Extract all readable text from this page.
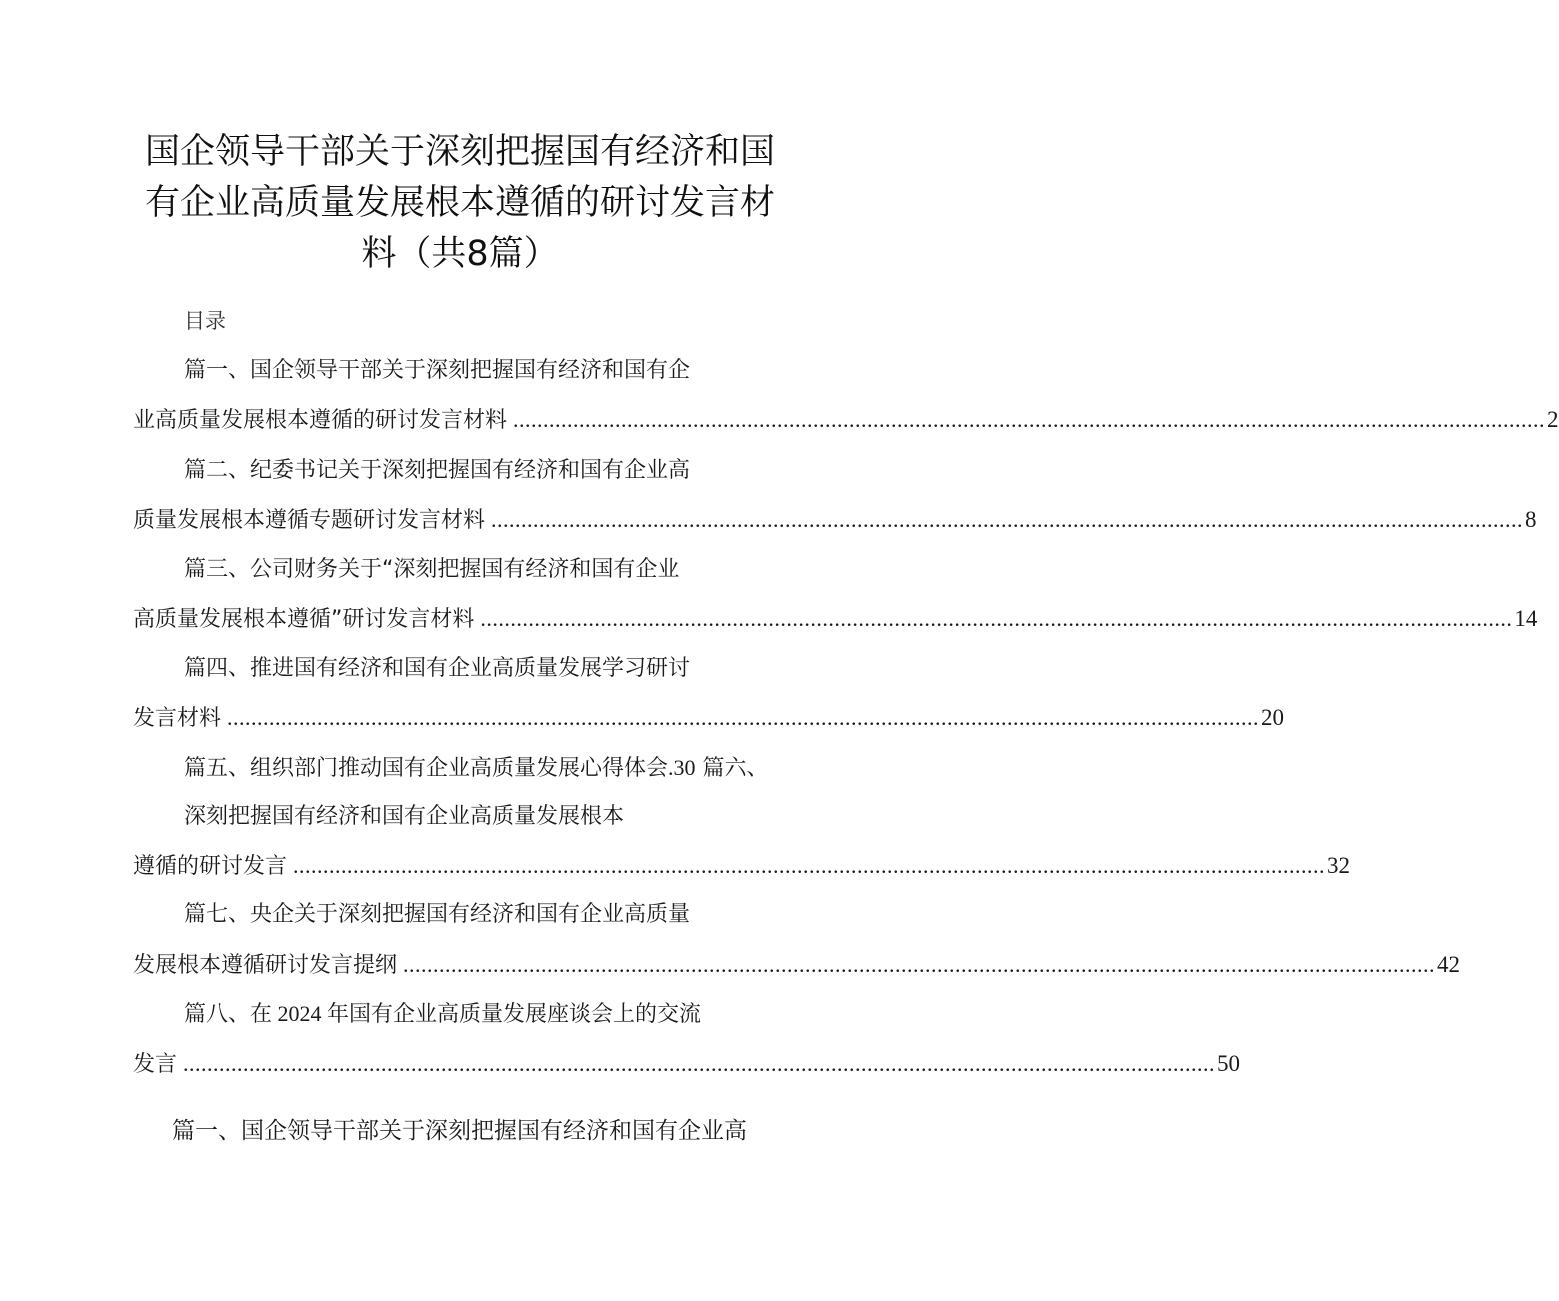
国企领导干部关于深刻把握国有经济和国
有企业高质量发展根本遵循的研讨发言材
料（共8篇）
目录
篇一、国企领导干部关于深刻把握国有经济和国有企
业高质量发展根本遵循的研讨发言材料 ............................................................................................................................................................................ 2
篇二、纪委书记关于深刻把握国有经济和国有企业高
质量发展根本遵循专题研讨发言材料 ............................................................................................................................................................................ 8
篇三、公司财务关于“深刻把握国有经济和国有企业
高质量发展根本遵循”研讨发言材料 ............................................................................................................................................................................ 14
篇四、推进国有经济和国有企业高质量发展学习研讨
发言材料 ............................................................................................................................................................................ 20
篇五、组织部门推动国有企业高质量发展心得体会.30 篇六、
深刻把握国有经济和国有企业高质量发展根本
遵循的研讨发言 ............................................................................................................................................................................ 32
篇七、央企关于深刻把握国有经济和国有企业高质量
发展根本遵循研讨发言提纲 ............................................................................................................................................................................ 42
篇八、在 2024 年国有企业高质量发展座谈会上的交流
发言 ............................................................................................................................................................................ 50
篇一、国企领导干部关于深刻把握国有经济和国有企业高
